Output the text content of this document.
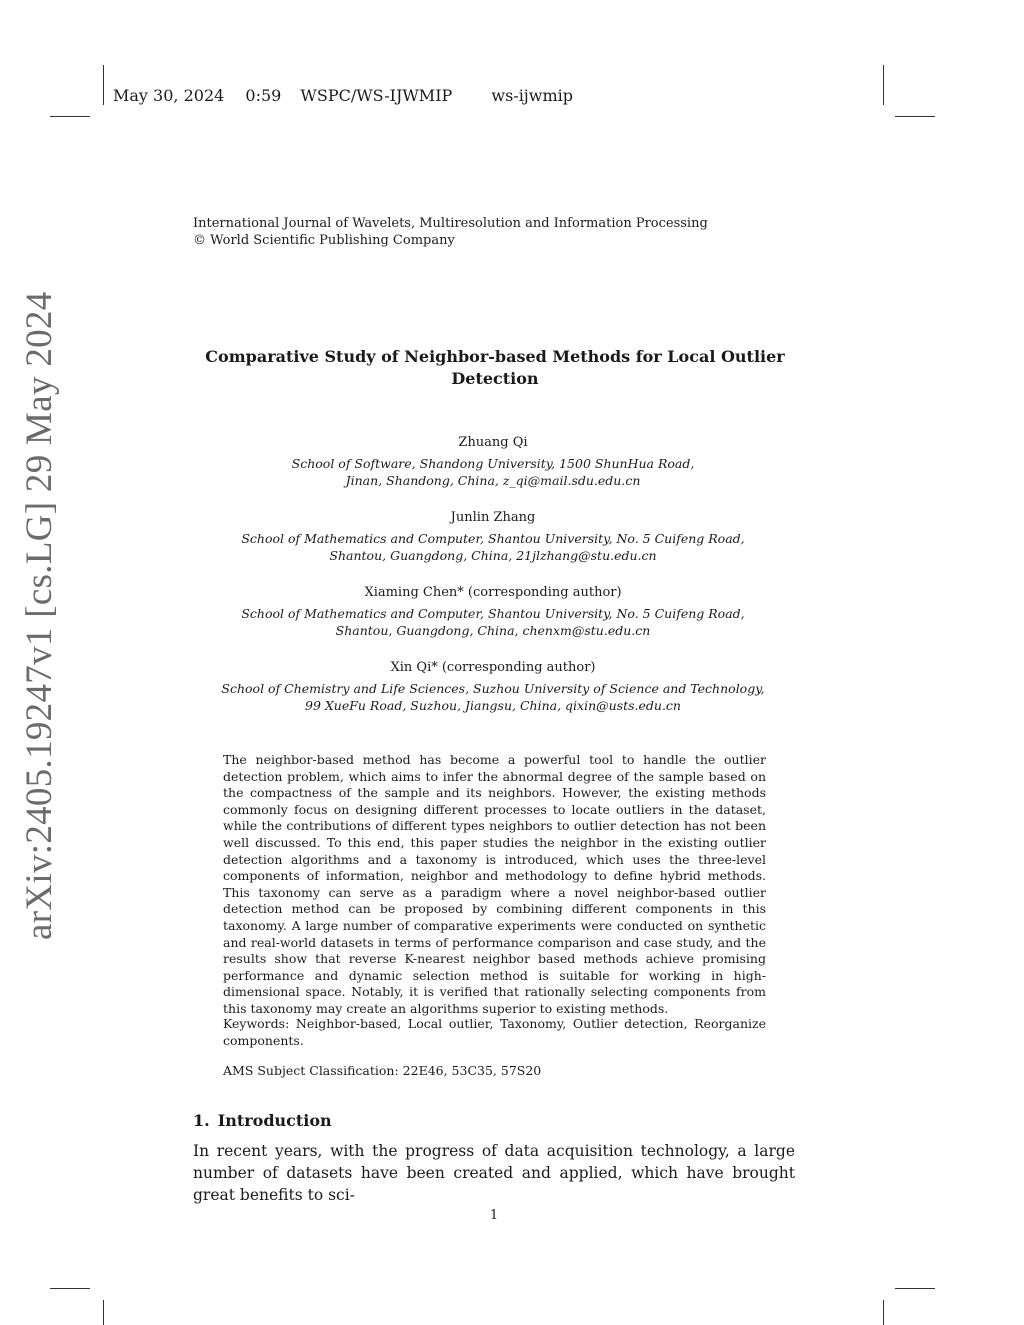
May 30, 2024 0:59 WSPC/WS-IJWMIP ws-ijwmip
International Journal of Wavelets, Multiresolution and Information Processing
© World Scientific Publishing Company
arXiv:2405.19247v1 [cs.LG] 29 May 2024	Comparative Study of Neighbor-based Methods for Local Outlier Detection
Zhuang Qi
School of Software, Shandong University, 1500 ShunHua Road,
Jinan, Shandong, China, z_qi@mail.sdu.edu.cn
Junlin Zhang
School of Mathematics and Computer, Shantou University, No. 5 Cuifeng Road,
Shantou, Guangdong, China, 21jlzhang@stu.edu.cn
Xiaming Chen* (corresponding author)
School of Mathematics and Computer, Shantou University, No. 5 Cuifeng Road,
Shantou, Guangdong, China, chenxm@stu.edu.cn
Xin Qi* (corresponding author)
School of Chemistry and Life Sciences, Suzhou University of Science and Technology,
99 XueFu Road, Suzhou, Jiangsu, China, qixin@usts.edu.cn
The neighbor-based method has become a powerful tool to handle the outlier detection problem, which aims to infer the abnormal degree of the sample based on the compactness of the sample and its neighbors. However, the existing methods commonly focus on designing different processes to locate outliers in the dataset, while the contributions of different types neighbors to outlier detection has not been well discussed. To this end, this paper studies the neighbor in the existing outlier detection algorithms and a taxonomy is introduced, which uses the three-level components of information, neighbor and methodology to define hybrid methods. This taxonomy can serve as a paradigm where a novel neighbor-based outlier detection method can be proposed by combining different components in this taxonomy. A large number of comparative experiments were conducted on synthetic and real-world datasets in terms of performance comparison and case study, and the results show that reverse K-nearest neighbor based methods achieve promising performance and dynamic selection method is suitable for working in high-dimensional space. Notably, it is verified that rationally selecting components from this taxonomy may create an algorithms superior to existing methods.
Keywords: Neighbor-based, Local outlier, Taxonomy, Outlier detection, Reorganize components.
AMS Subject Classification: 22E46, 53C35, 57S20
1. Introduction
In recent years, with the progress of data acquisition technology, a large number of datasets have been created and applied, which have brought great benefits to sci-
1
